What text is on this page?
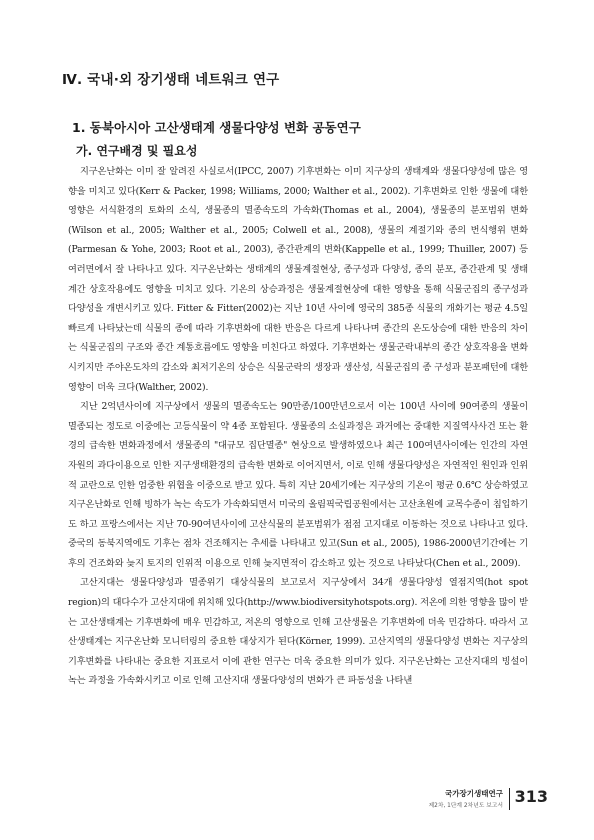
Ⅳ. 국내·외 장기생태 네트워크 연구
1. 동북아시아 고산생태계 생물다양성 변화 공동연구
가. 연구배경 및 필요성

지구온난화는 이미 잘 알려진 사실로서(IPCC, 2007) 기후변화는 이미 지구상의 생태계와 생물다양성에 많은 영향을 미치고 있다(Kerr & Packer, 1998; Williams, 2000; Walther et al., 2002). 기후변화로 인한 생물에 대한 영향은 서식환경의 토화의 소식, 생물종의 멸종속도의 가속화(Thomas et al., 2004), 생물종의 분포범위 변화(Wilson et al., 2005; Walther et al., 2005; Colwell et al., 2008), 생물의 계절기와 종의 번식행위 변화(Parmesan & Yohe, 2003; Root et al., 2003), 종간관계의 변화(Kappelle et al., 1999; Thuiller, 2007) 등 여러면에서 잘 나타나고 있다. 지구온난화는 생태계의 생물계절현상, 종구성과 다양성, 종의 분포, 종간관계 및 생태계간 상호작용에도 영향을 미치고 있다. 기온의 상승과정은 생물계절현상에 대한 영향을 통해 식물군집의 종구성과 다양성을 개변시키고 있다. Fitter & Fitter(2002)는 지난 10년 사이에 영국의 385종 식물의 개화기는 평균 4.5일 빠르게 나타났는데 식물의 종에 따라 기후변화에 대한 반응은 다르게 나타나며 종간의 온도상승에 대한 반응의 차이는 식물군집의 구조와 종간 계통흐름에도 영향을 미친다고 하였다. 기후변화는 생물군락내부의 종간 상호작용을 변화시키지만 주야온도차의 감소와 최저기온의 상승은 식물군락의 생장과 생산성, 식물군집의 종 구성과 분포패턴에 대한 영향이 더욱 크다(Walther, 2002).

지난 2억년사이에 지구상에서 생물의 멸종속도는 90만종/100만년으로서 이는 100년 사이에 90여종의 생물이 멸종되는 정도로 이중에는 고등식물이 약 4종 포함된다. 생물종의 소실과정은 과거에는 중대한 지질역사사건 또는 환경의 급속한 변화과정에서 생물종의 "대규모 집단멸종" 현상으로 발생하였으나 최근 100여년사이에는 인간의 자연자원의 과다이용으로 인한 지구생태환경의 급속한 변화로 이어지면서, 이로 인해 생물다양성은 자연적인 원인과 인위적 교란으로 인한 엄중한 위협을 이중으로 받고 있다. 특히 지난 20세기에는 지구상의 기온이 평균 0.6℃ 상승하였고 지구온난화로 인해 빙하가 녹는 속도가 가속화되면서 미국의 올림픽국립공원에서는 고산초원에 교목수종이 침입하기도 하고 프랑스에서는 지난 70-90여년사이에 고산식물의 분포범위가 점점 고지대로 이동하는 것으로 나타나고 있다. 중국의 동북지역에도 기후는 점차 건조해지는 추세를 나타내고 있고(Sun et al., 2005), 1986-2000년기간에는 기후의 건조화와 늦지 토지의 인위적 이용으로 인해 늦지면적이 감소하고 있는 것으로 나타났다(Chen et al., 2009).

고산지대는 생물다양성과 멸종위기 대상식물의 보고로서 지구상에서 34개 생물다양성 열점지역(hot spot region)의 대다수가 고산지대에 위치해 있다(http://www.biodiversityhotspots.org). 저온에 의한 영향을 많이 받는 고산생태계는 기후변화에 매우 민감하고, 저온의 영향으로 인해 고산생물은 기후변화에 더욱 민감하다. 따라서 고산생태계는 지구온난화 모니터링의 중요한 대상지가 된다(Körner, 1999). 고산지역의 생물다양성 변화는 지구상의 기후변화를 나타내는 중요한 지표로서 이에 관한 연구는 더욱 중요한 의미가 있다. 지구온난화는 고산지대의 빙설이 녹는 과정을 가속화시키고 이로 인해 고산지대 생물다양성의 변화가 큰 파동성을 나타낸

국가장기생태연구
제2차, 1단계 2차년도 보고서 313
